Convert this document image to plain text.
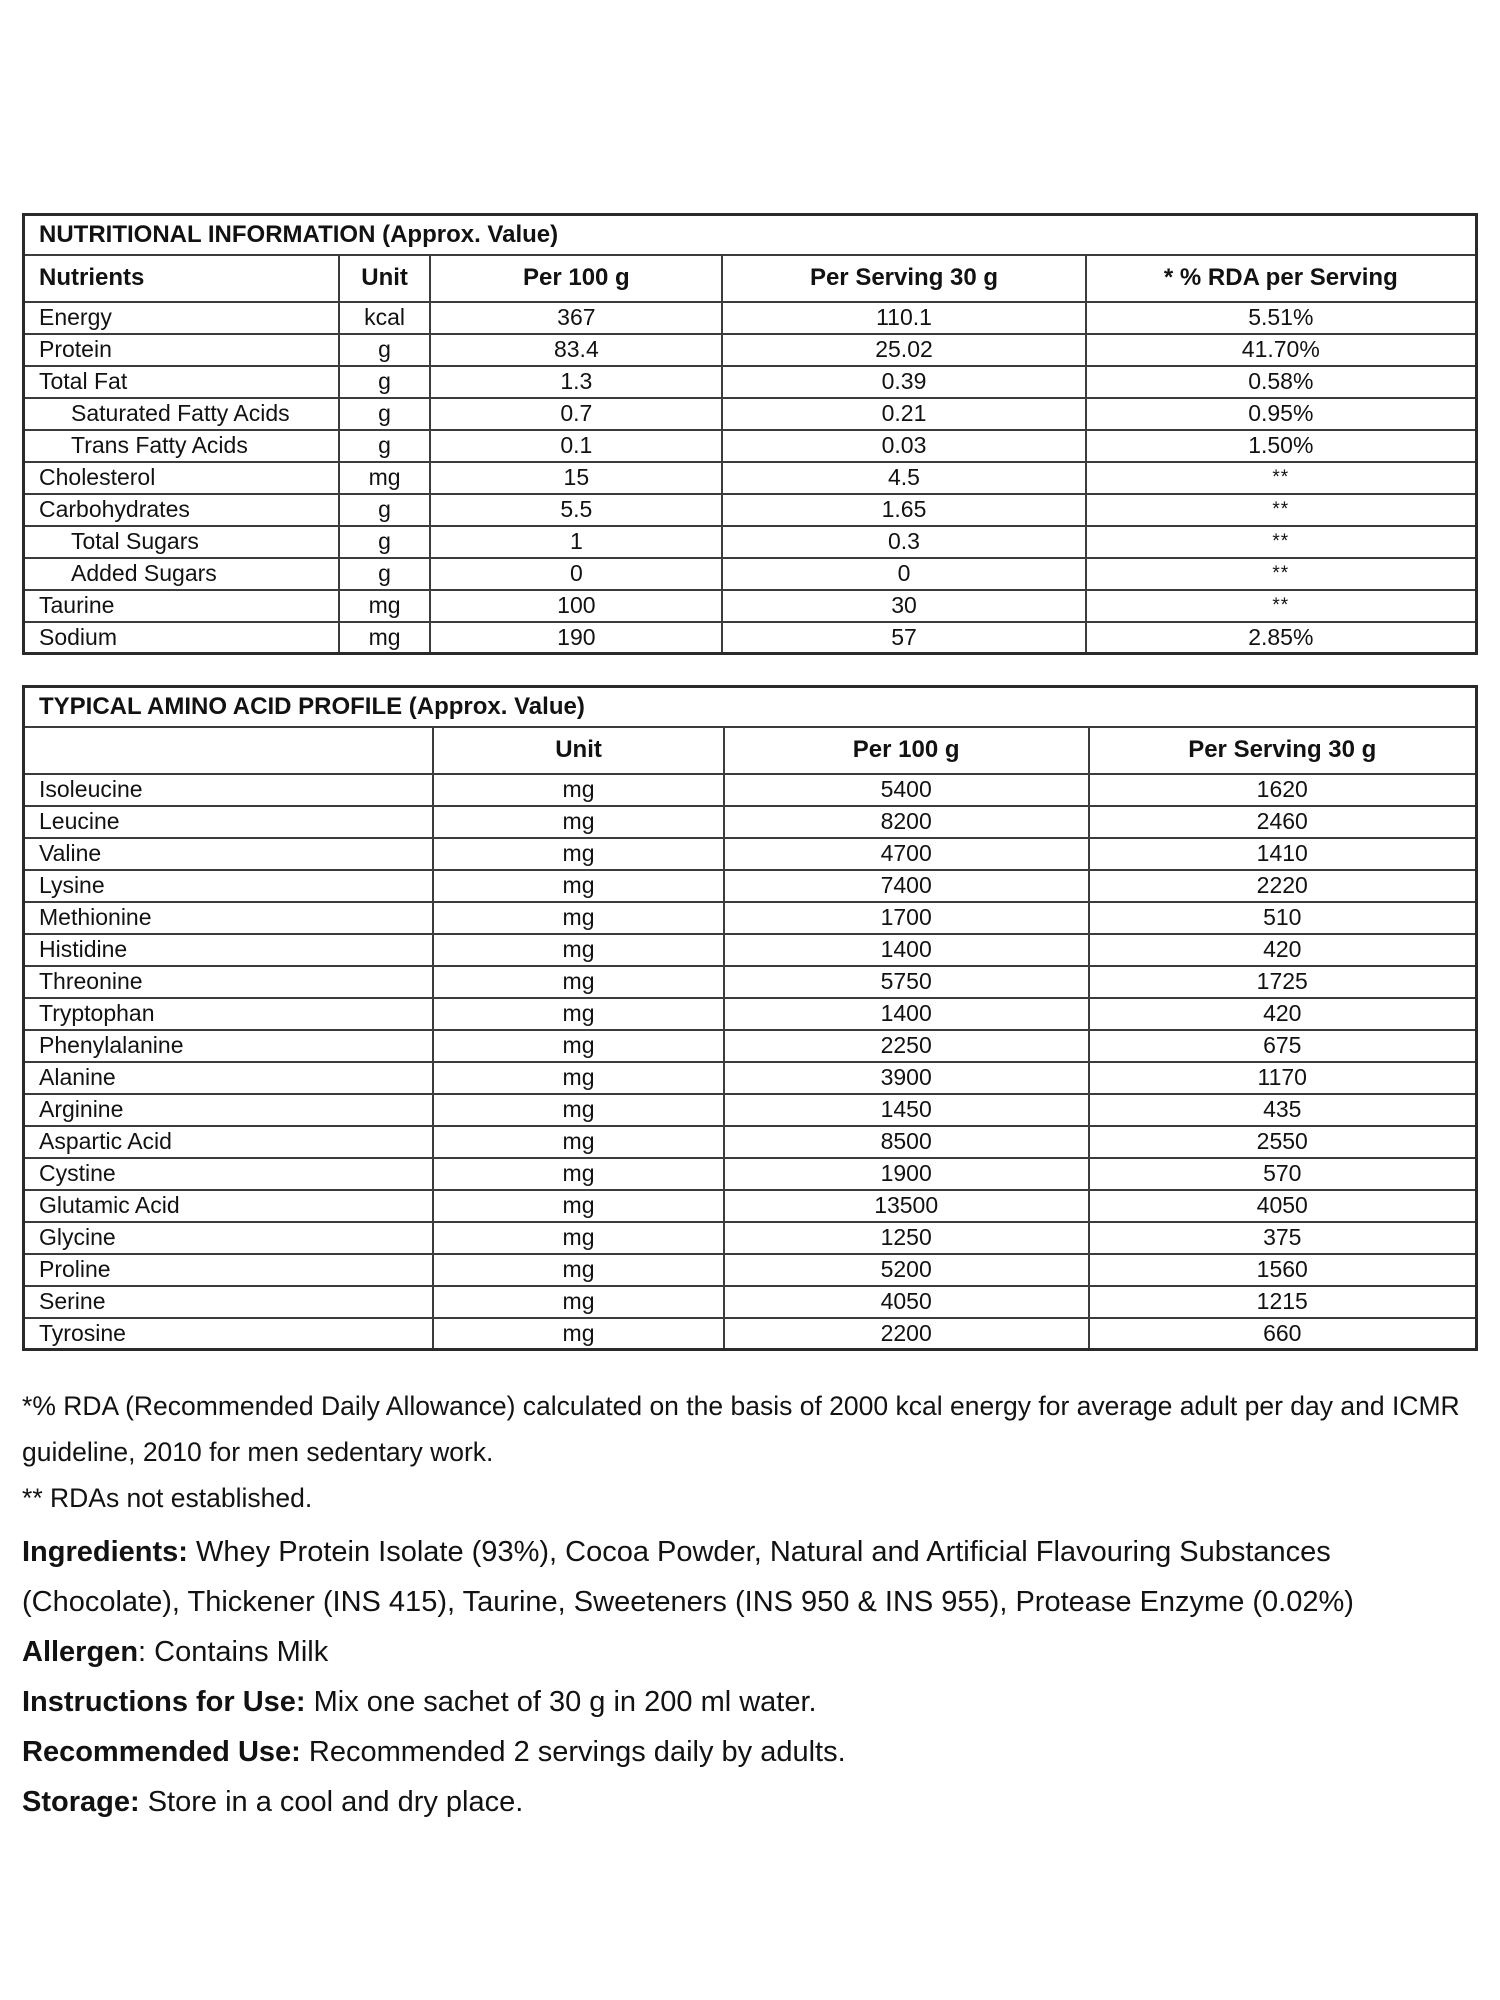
NUTRITIONAL INFORMATION (Approx. Value)				
Nutrients	Unit	Per 100 g	Per Serving 30 g	* % RDA per Serving
Energy	kcal	367	110.1	5.51%
Protein	g	83.4	25.02	41.70%
Total Fat	g	1.3	0.39	0.58%
Saturated Fatty Acids	g	0.7	0.21	0.95%
Trans Fatty Acids	g	0.1	0.03	1.50%
Cholesterol	mg	15	4.5	**
Carbohydrates	g	5.5	1.65	**
Total Sugars	g	1	0.3	**
Added Sugars	g	0	0	**
Taurine	mg	100	30	**
Sodium	mg	190	57	2.85%
TYPICAL AMINO ACID PROFILE (Approx. Value)			
	Unit	Per 100 g	Per Serving 30 g
Isoleucine	mg	5400	1620
Leucine	mg	8200	2460
Valine	mg	4700	1410
Lysine	mg	7400	2220
Methionine	mg	1700	510
Histidine	mg	1400	420
Threonine	mg	5750	1725
Tryptophan	mg	1400	420
Phenylalanine	mg	2250	675
Alanine	mg	3900	1170
Arginine	mg	1450	435
Aspartic Acid	mg	8500	2550
Cystine	mg	1900	570
Glutamic Acid	mg	13500	4050
Glycine	mg	1250	375
Proline	mg	5200	1560
Serine	mg	4050	1215
Tyrosine	mg	2200	660

*% RDA (Recommended Daily Allowance) calculated on the basis of 2000 kcal energy for average adult per day and ICMR guideline, 2010 for men sedentary work.

** RDAs not established.

Ingredients: Whey Protein Isolate (93%), Cocoa Powder, Natural and Artificial Flavouring Substances (Chocolate), Thickener (INS 415), Taurine, Sweeteners (INS 950 & INS 955), Protease Enzyme (0.02%)

Allergen: Contains Milk

Instructions for Use: Mix one sachet of 30 g in 200 ml water.

Recommended Use: Recommended 2 servings daily by adults.

Storage: Store in a cool and dry place.
